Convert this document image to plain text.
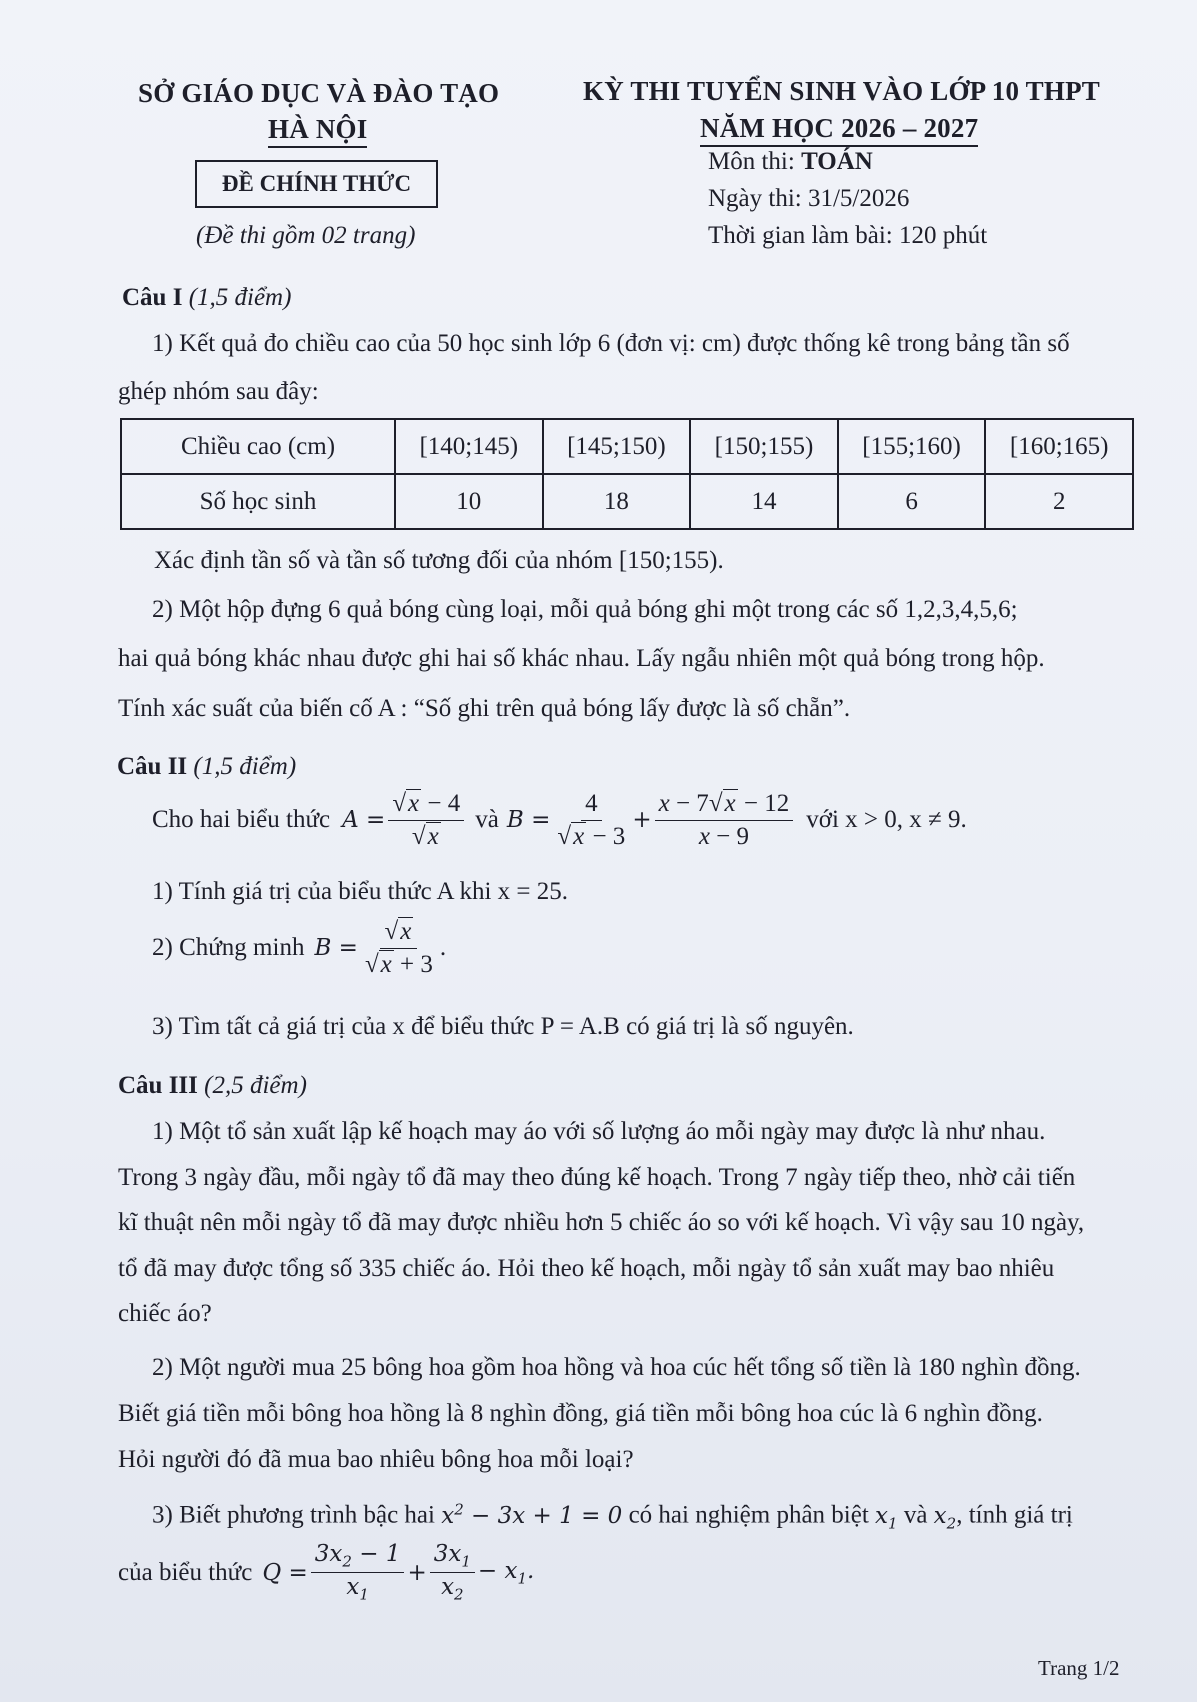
SỞ GIÁO DỤC VÀ ĐÀO TẠO
HÀ NỘI
ĐỀ CHÍNH THỨC
(Đề thi gồm 02 trang)
KỲ THI TUYỂN SINH VÀO LỚP 10 THPT
NĂM HỌC 2026 – 2027
Môn thi: TOÁN
Ngày thi: 31/5/2026
Thời gian làm bài: 120 phút
Câu I (1,5 điểm)
1) Kết quả đo chiều cao của 50 học sinh lớp 6 (đơn vị: cm) được thống kê trong bảng tần số
ghép nhóm sau đây:
Chiều cao (cm)	[140;145)	[145;150)	[150;155)	[155;160)	[160;165)
Số học sinh	10	18	14	6	2
Xác định tần số và tần số tương đối của nhóm [150;155).
2) Một hộp đựng 6 quả bóng cùng loại, mỗi quả bóng ghi một trong các số 1,2,3,4,5,6;
hai quả bóng khác nhau được ghi hai số khác nhau. Lấy ngẫu nhiên một quả bóng trong hộp.
Tính xác suất của biến cố A : “Số ghi trên quả bóng lấy được là số chẵn”.
Câu II (1,5 điểm)
Cho hai biểu thức $A = \frac{√x - 4}{√x}$ và $B = \frac{4}{√x - 3} + \frac{x - 7√x - 12}{x - 9}$ với x > 0, x ≠ 9.
1) Tính giá trị của biểu thức A khi x = 25.
2) Chứng minh $B = \frac{√x}{√x + 3}$ .
3) Tìm tất cả giá trị của x để biểu thức P = A.B có giá trị là số nguyên.
Câu III (2,5 điểm)
1) Một tổ sản xuất lập kế hoạch may áo với số lượng áo mỗi ngày may được là như nhau.
Trong 3 ngày đầu, mỗi ngày tổ đã may theo đúng kế hoạch. Trong 7 ngày tiếp theo, nhờ cải tiến
kĩ thuật nên mỗi ngày tổ đã may được nhiều hơn 5 chiếc áo so với kế hoạch. Vì vậy sau 10 ngày,
tổ đã may được tổng số 335 chiếc áo. Hỏi theo kế hoạch, mỗi ngày tổ sản xuất may bao nhiêu
chiếc áo?
2) Một người mua 25 bông hoa gồm hoa hồng và hoa cúc hết tổng số tiền là 180 nghìn đồng.
Biết giá tiền mỗi bông hoa hồng là 8 nghìn đồng, giá tiền mỗi bông hoa cúc là 6 nghìn đồng.
Hỏi người đó đã mua bao nhiêu bông hoa mỗi loại?
3) Biết phương trình bậc hai $x^2 - 3x + 1 = 0$ có hai nghiệm phân biệt $x_1$ và $x_2$, tính giá trị
của biểu thức $Q = \frac{3x_2 - 1}{x_1} + \frac{3x_1}{x_2} - x_1$.
Trang 1/2
